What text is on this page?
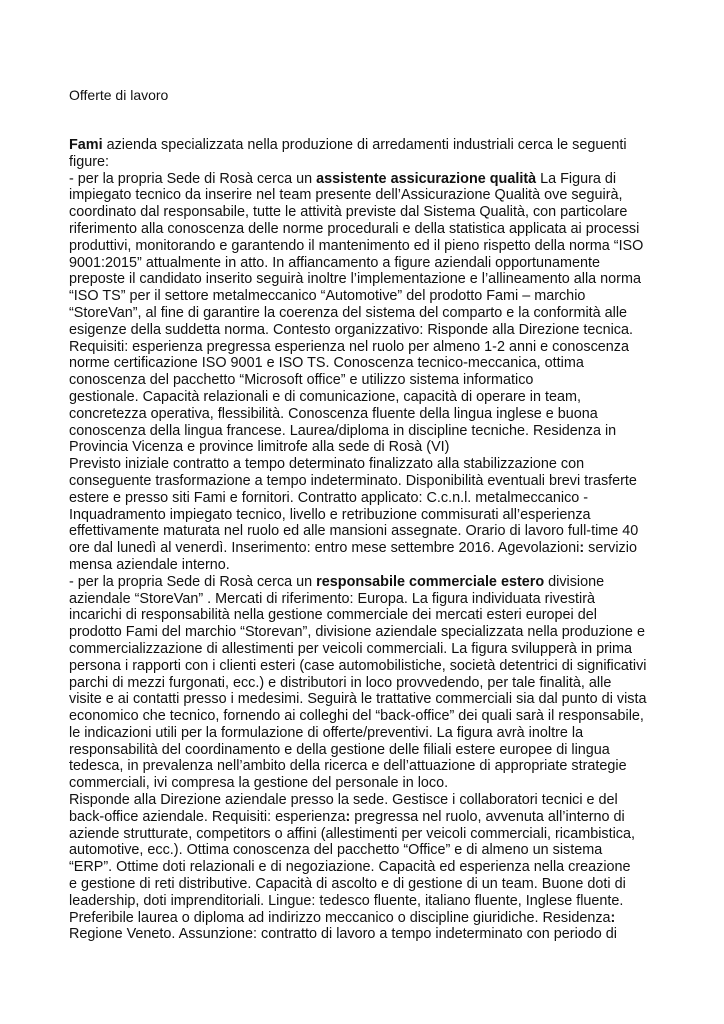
Offerte di lavoro
Fami azienda specializzata nella produzione di arredamenti industriali cerca le seguenti
figure:
- per la propria Sede di Rosà cerca un assistente assicurazione qualità La Figura di
impiegato tecnico da inserire nel team presente dell’Assicurazione Qualità ove seguirà,
coordinato dal responsabile, tutte le attività previste dal Sistema Qualità, con particolare
riferimento alla conoscenza delle norme procedurali e della statistica applicata ai processi
produttivi, monitorando e garantendo il mantenimento ed il pieno rispetto della norma “ISO
9001:2015” attualmente in atto. In affiancamento a figure aziendali opportunamente
preposte il candidato inserito seguirà inoltre l’implementazione e l’allineamento alla norma
“ISO TS” per il settore metalmeccanico “Automotive” del prodotto Fami – marchio
“StoreVan”, al fine di garantire la coerenza del sistema del comparto e la conformità alle
esigenze della suddetta norma. Contesto organizzativo: Risponde alla Direzione tecnica.
Requisiti: esperienza pregressa esperienza nel ruolo per almeno 1-2 anni e conoscenza
norme certificazione ISO 9001 e ISO TS. Conoscenza tecnico-meccanica, ottima
conoscenza del pacchetto “Microsoft office” e utilizzo sistema informatico
gestionale. Capacità relazionali e di comunicazione, capacità di operare in team,
concretezza operativa, flessibilità. Conoscenza fluente della lingua inglese e buona
conoscenza della lingua francese. Laurea/diploma in discipline tecniche. Residenza in
Provincia Vicenza e province limitrofe alla sede di Rosà (VI)
Previsto iniziale contratto a tempo determinato finalizzato alla stabilizzazione con
conseguente trasformazione a tempo indeterminato. Disponibilità eventuali brevi trasferte
estere e presso siti Fami e fornitori. Contratto applicato: C.c.n.l. metalmeccanico -
Inquadramento impiegato tecnico, livello e retribuzione commisurati all’esperienza
effettivamente maturata nel ruolo ed alle mansioni assegnate. Orario di lavoro full-time 40
ore dal lunedì al venerdì. Inserimento: entro mese settembre 2016. Agevolazioni: servizio
mensa aziendale interno.
- per la propria Sede di Rosà cerca un responsabile commerciale estero divisione
aziendale “StoreVan” . Mercati di riferimento: Europa. La figura individuata rivestirà
incarichi di responsabilità nella gestione commerciale dei mercati esteri europei del
prodotto Fami del marchio “Storevan”, divisione aziendale specializzata nella produzione e
commercializzazione di allestimenti per veicoli commerciali. La figura svilupperà in prima
persona i rapporti con i clienti esteri (case automobilistiche, società detentrici di significativi
parchi di mezzi furgonati, ecc.) e distributori in loco provvedendo, per tale finalità, alle
visite e ai contatti presso i medesimi. Seguirà le trattative commerciali sia dal punto di vista
economico che tecnico, fornendo ai colleghi del “back-office” dei quali sarà il responsabile,
le indicazioni utili per la formulazione di offerte/preventivi. La figura avrà inoltre la
responsabilità del coordinamento e della gestione delle filiali estere europee di lingua
tedesca, in prevalenza nell’ambito della ricerca e dell’attuazione di appropriate strategie
commerciali, ivi compresa la gestione del personale in loco.
Risponde alla Direzione aziendale presso la sede. Gestisce i collaboratori tecnici e del
back-office aziendale. Requisiti: esperienza: pregressa nel ruolo, avvenuta all’interno di
aziende strutturate, competitors o affini (allestimenti per veicoli commerciali, ricambistica,
automotive, ecc.). Ottima conoscenza del pacchetto “Office” e di almeno un sistema
“ERP”. Ottime doti relazionali e di negoziazione. Capacità ed esperienza nella creazione
e gestione di reti distributive. Capacità di ascolto e di gestione di un team. Buone doti di
leadership, doti imprenditoriali. Lingue: tedesco fluente, italiano fluente, Inglese fluente.
Preferibile laurea o diploma ad indirizzo meccanico o discipline giuridiche. Residenza:
Regione Veneto. Assunzione: contratto di lavoro a tempo indeterminato con periodo di
